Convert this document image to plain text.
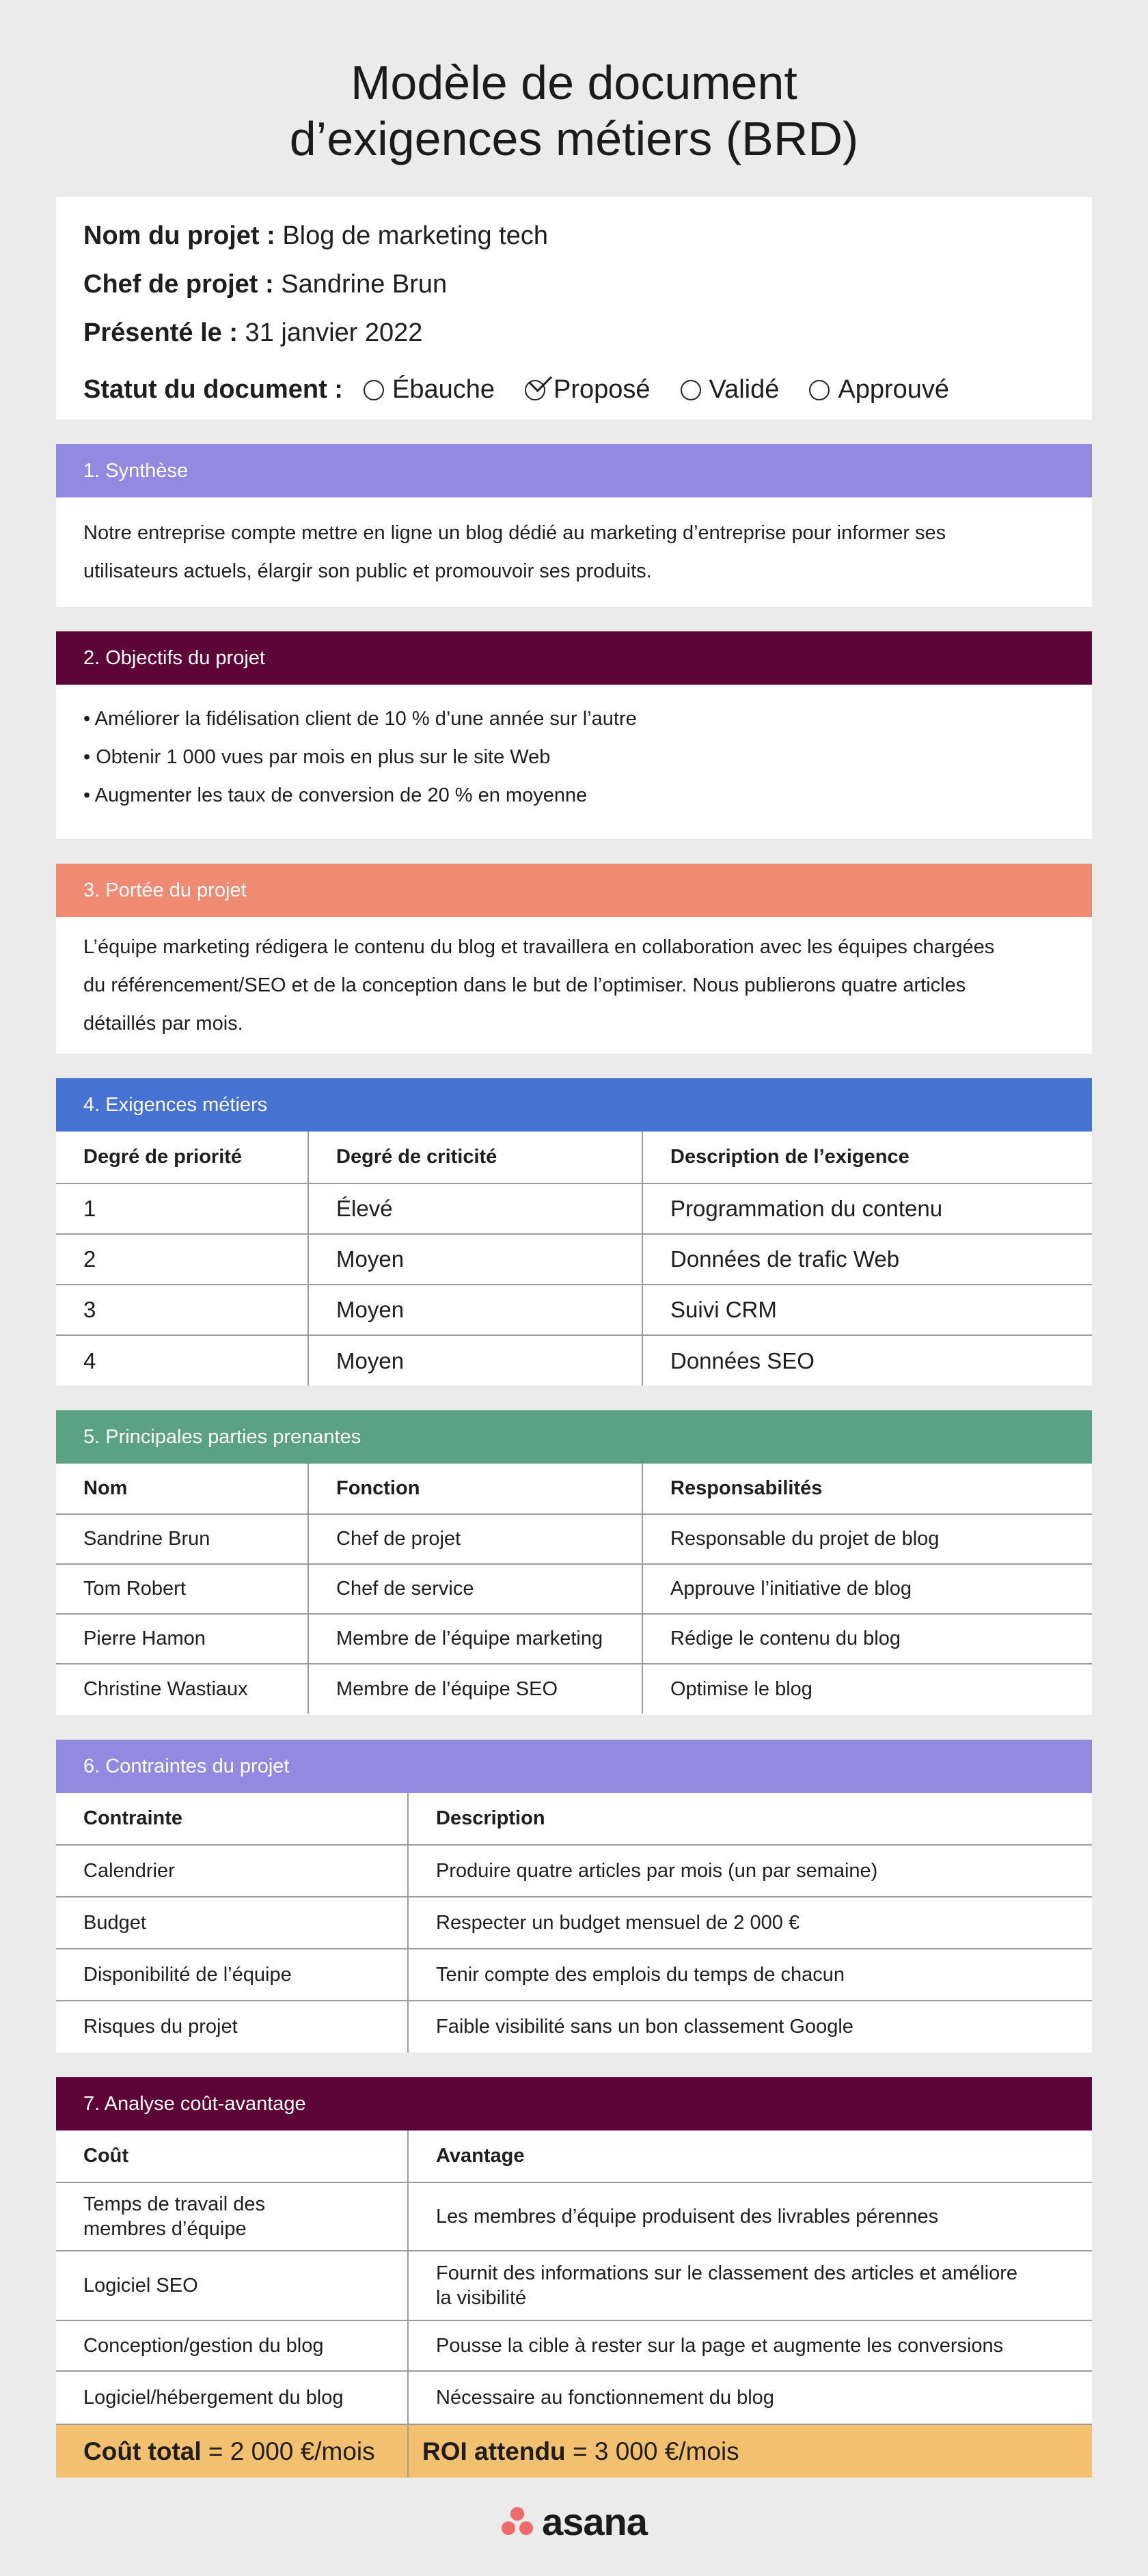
Modèle de document
d’exigences métiers (BRD)
Nom du projet : Blog de marketing tech
Chef de projet : Sandrine Brun
Présenté le : 31 janvier 2022
Statut du document : Ébauche Proposé Validé Approuvé
1. Synthèse
Notre entreprise compte mettre en ligne un blog dédié au marketing d’entreprise pour informer ses
utilisateurs actuels, élargir son public et promouvoir ses produits.
2. Objectifs du projet
• Améliorer la fidélisation client de 10 % d’une année sur l’autre
• Obtenir 1 000 vues par mois en plus sur le site Web
• Augmenter les taux de conversion de 20 % en moyenne
3. Portée du projet
L’équipe marketing rédigera le contenu du blog et travaillera en collaboration avec les équipes chargées
du référencement/SEO et de la conception dans le but de l’optimiser. Nous publierons quatre articles
détaillés par mois.
4. Exigences métiers
Degré de priorité	Degré de criticité	Description de l’exigence
1	Élevé	Programmation du contenu
2	Moyen	Données de trafic Web
3	Moyen	Suivi CRM
4	Moyen	Données SEO
5. Principales parties prenantes
Nom	Fonction	Responsabilités
Sandrine Brun	Chef de projet	Responsable du projet de blog
Tom Robert	Chef de service	Approuve l’initiative de blog
Pierre Hamon	Membre de l’équipe marketing	Rédige le contenu du blog
Christine Wastiaux	Membre de l’équipe SEO	Optimise le blog
6. Contraintes du projet
Contrainte	Description
Calendrier	Produire quatre articles par mois (un par semaine)
Budget	Respecter un budget mensuel de 2 000 €
Disponibilité de l’équipe	Tenir compte des emplois du temps de chacun
Risques du projet	Faible visibilité sans un bon classement Google
7. Analyse coût-avantage
Coût	Avantage
Temps de travail des
membres d’équipe	Les membres d’équipe produisent des livrables pérennes
Logiciel SEO	Fournit des informations sur le classement des articles et améliore
la visibilité
Conception/gestion du blog	Pousse la cible à rester sur la page et augmente les conversions
Logiciel/hébergement du blog	Nécessaire au fonctionnement du blog
Coût total = 2 000 €/mois	ROI attendu = 3 000 €/mois
asana
